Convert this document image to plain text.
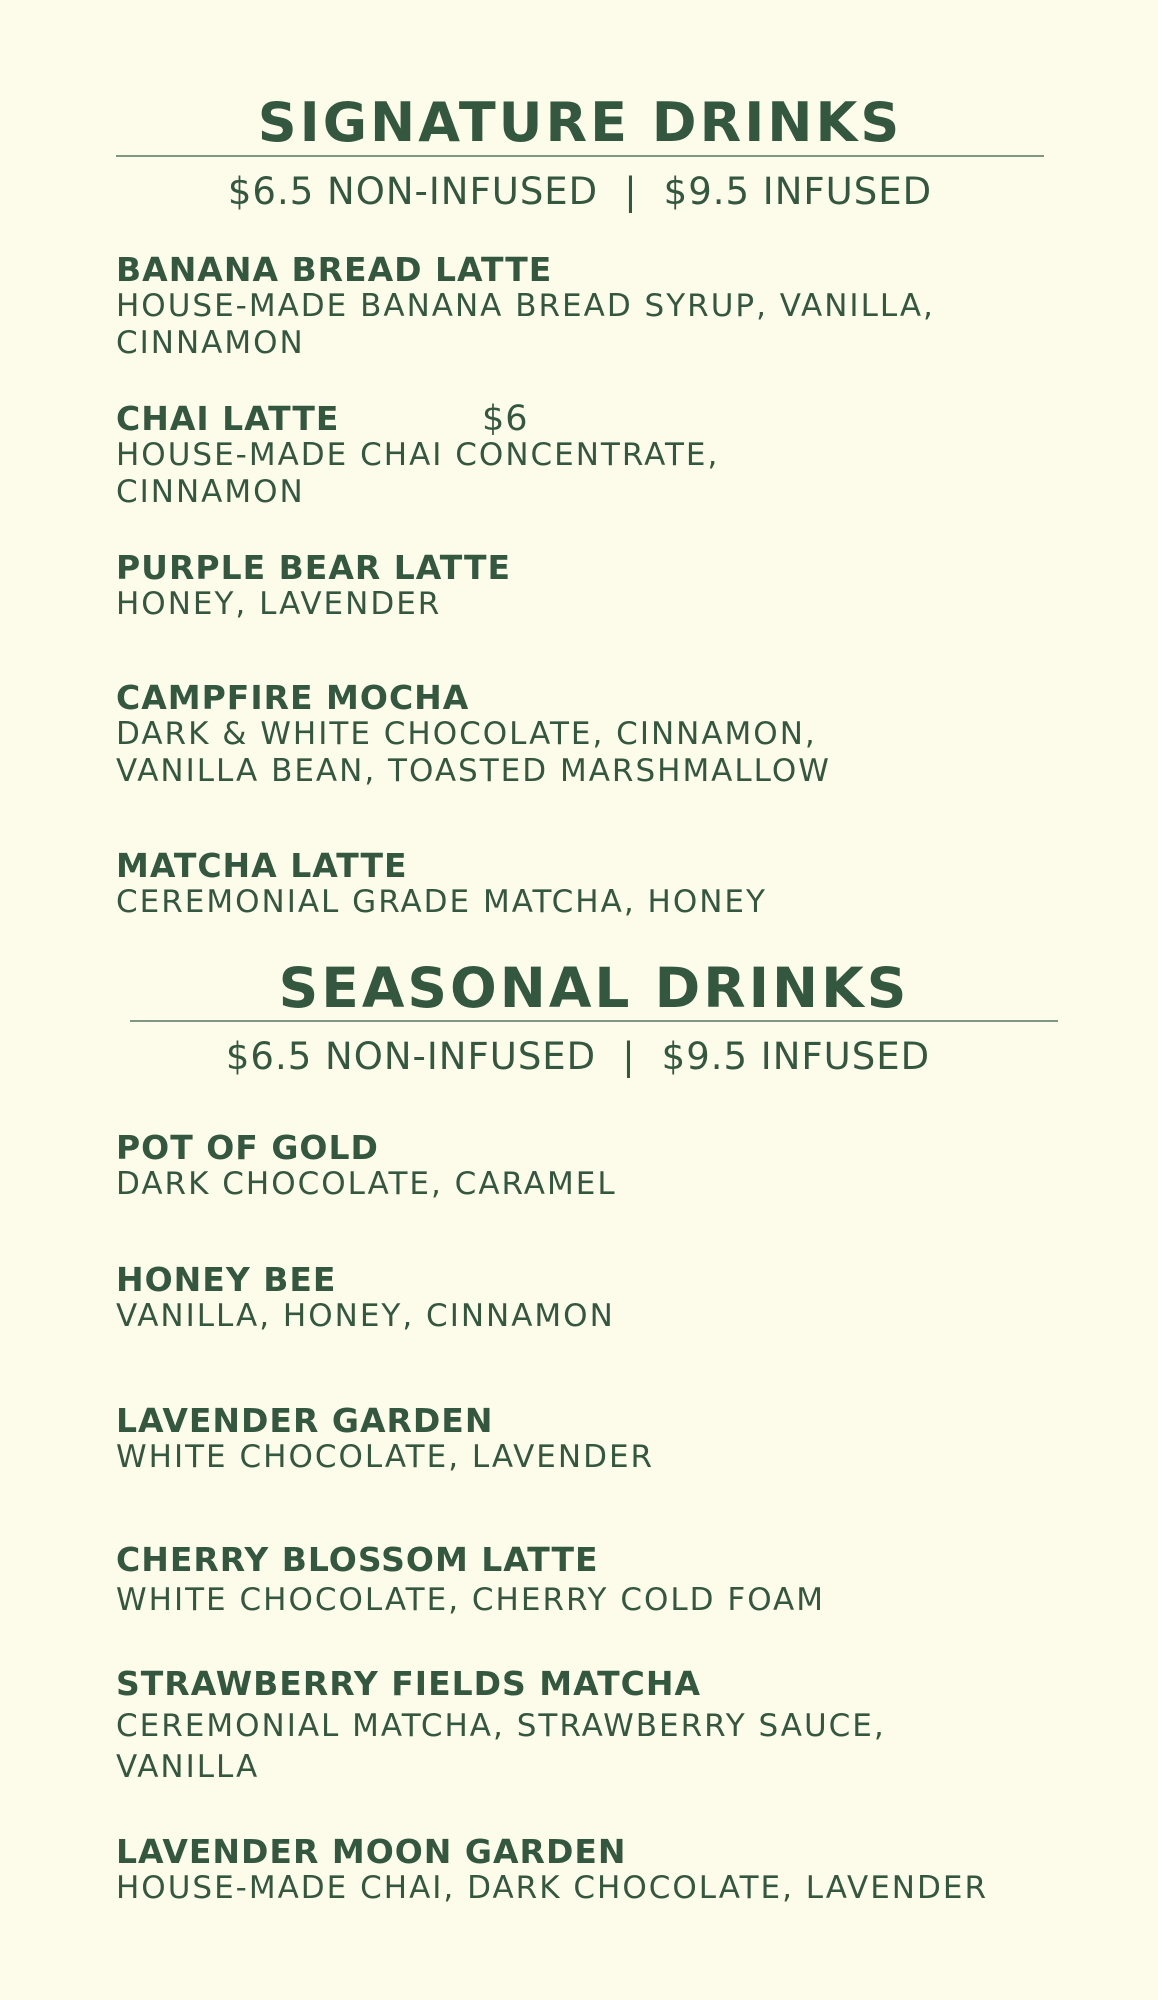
SIGNATURE DRINKS
$6.5 NON-INFUSED | $9.5 INFUSED
BANANA BREAD LATTE
HOUSE-MADE BANANA BREAD SYRUP, VANILLA,
CINNAMON
CHAI LATTE	$6
HOUSE-MADE CHAI CONCENTRATE,
CINNAMON
PURPLE BEAR LATTE
HONEY, LAVENDER
CAMPFIRE MOCHA
DARK & WHITE CHOCOLATE, CINNAMON,
VANILLA BEAN, TOASTED MARSHMALLOW
MATCHA LATTE
CEREMONIAL GRADE MATCHA, HONEY
SEASONAL DRINKS
$6.5 NON-INFUSED | $9.5 INFUSED
POT OF GOLD
DARK CHOCOLATE, CARAMEL
HONEY BEE
VANILLA, HONEY, CINNAMON
LAVENDER GARDEN
WHITE CHOCOLATE, LAVENDER
CHERRY BLOSSOM LATTE
WHITE CHOCOLATE, CHERRY COLD FOAM
STRAWBERRY FIELDS MATCHA
CEREMONIAL MATCHA, STRAWBERRY SAUCE,
VANILLA
LAVENDER MOON GARDEN
HOUSE-MADE CHAI, DARK CHOCOLATE, LAVENDER
